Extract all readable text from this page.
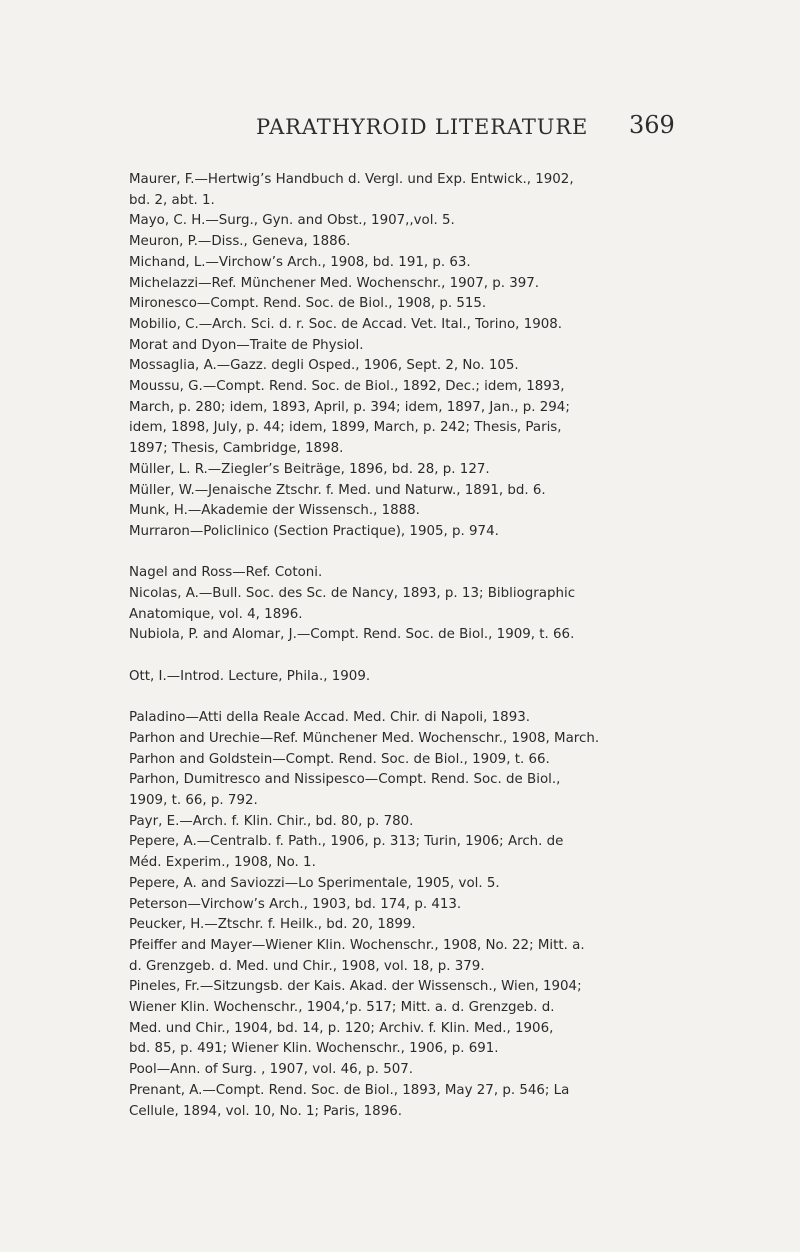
PARATHYROID LITERATURE 369
Maurer, F.—Hertwig’s Handbuch d. Vergl. und Exp. Entwick., 1902,
bd. 2, abt. 1.
Mayo, C. H.—Surg., Gyn. and Obst., 1907,,vol. 5.
Meuron, P.—Diss., Geneva, 1886.
Michand, L.—Virchow’s Arch., 1908, bd. 191, p. 63.
Michelazzi—Ref. Münchener Med. Wochenschr., 1907, p. 397.
Mironesco—Compt. Rend. Soc. de Biol., 1908, p. 515.
Mobilio, C.—Arch. Sci. d. r. Soc. de Accad. Vet. Ital., Torino, 1908.
Morat and Dyon—Traite de Physiol.
Mossaglia, A.—Gazz. degli Osped., 1906, Sept. 2, No. 105.
Moussu, G.—Compt. Rend. Soc. de Biol., 1892, Dec.; idem, 1893,
March, p. 280; idem, 1893, April, p. 394; idem, 1897, Jan., p. 294;
idem, 1898, July, p. 44; idem, 1899, March, p. 242; Thesis, Paris,
1897; Thesis, Cambridge, 1898.
Müller, L. R.—Ziegler’s Beiträge, 1896, bd. 28, p. 127.
Müller, W.—Jenaische Ztschr. f. Med. und Naturw., 1891, bd. 6.
Munk, H.—Akademie der Wissensch., 1888.
Murraron—Policlinico (Section Practique), 1905, p. 974.
Nagel and Ross—Ref. Cotoni.
Nicolas, A.—Bull. Soc. des Sc. de Nancy, 1893, p. 13; Bibliographic
Anatomique, vol. 4, 1896.
Nubiola, P. and Alomar, J.—Compt. Rend. Soc. de Biol., 1909, t. 66.
Ott, I.—Introd. Lecture, Phila., 1909.
Paladino—Atti della Reale Accad. Med. Chir. di Napoli, 1893.
Parhon and Urechie—Ref. Münchener Med. Wochenschr., 1908, March.
Parhon and Goldstein—Compt. Rend. Soc. de Biol., 1909, t. 66.
Parhon, Dumitresco and Nissipesco—Compt. Rend. Soc. de Biol.,
1909, t. 66, p. 792.
Payr, E.—Arch. f. Klin. Chir., bd. 80, p. 780.
Pepere, A.—Centralb. f. Path., 1906, p. 313; Turin, 1906; Arch. de
Méd. Experim., 1908, No. 1.
Pepere, A. and Saviozzi—Lo Sperimentale, 1905, vol. 5.
Peterson—Virchow’s Arch., 1903, bd. 174, p. 413.
Peucker, H.—Ztschr. f. Heilk., bd. 20, 1899.
Pfeiffer and Mayer—Wiener Klin. Wochenschr., 1908, No. 22; Mitt. a.
d. Grenzgeb. d. Med. und Chir., 1908, vol. 18, p. 379.
Pineles, Fr.—Sitzungsb. der Kais. Akad. der Wissensch., Wien, 1904;
Wiener Klin. Wochenschr., 1904,‘p. 517; Mitt. a. d. Grenzgeb. d.
Med. und Chir., 1904, bd. 14, p. 120; Archiv. f. Klin. Med., 1906,
bd. 85, p. 491; Wiener Klin. Wochenschr., 1906, p. 691.
Pool—Ann. of Surg. , 1907, vol. 46, p. 507.
Prenant, A.—Compt. Rend. Soc. de Biol., 1893, May 27, p. 546; La
Cellule, 1894, vol. 10, No. 1; Paris, 1896.
